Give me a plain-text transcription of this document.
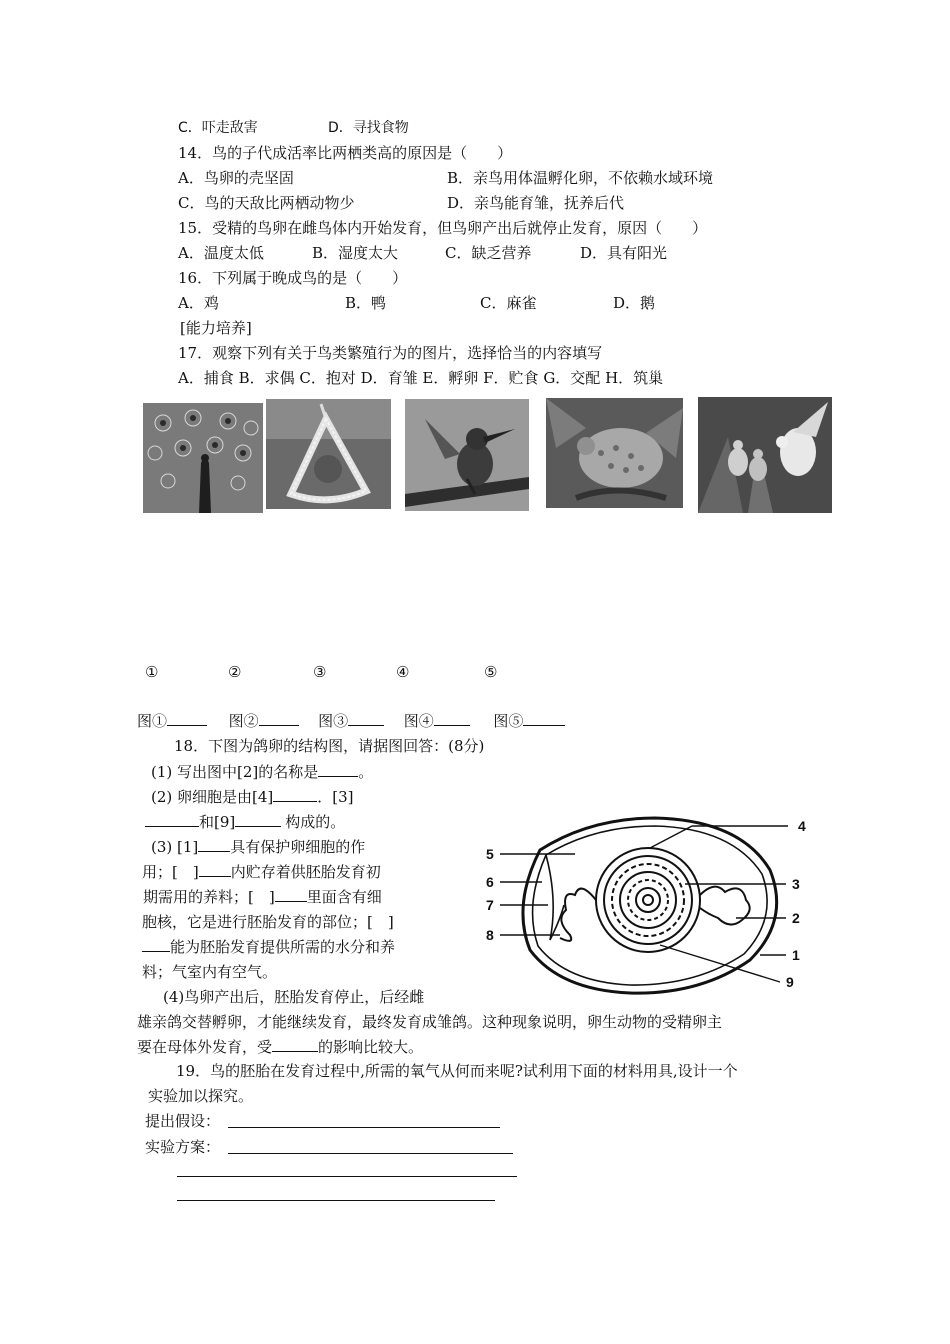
C．吓走敌害	D．寻找食物
14．鸟的子代成活率比两栖类高的原因是（　　）
A．鸟卵的壳坚固	B．亲鸟用体温孵化卵，不依赖水域环境
C．鸟的天敌比两栖动物少	D．亲鸟能育雏，抚养后代
15．受精的鸟卵在雌鸟体内开始发育，但鸟卵产出后就停止发育，原因（　　）
A．温度太低	B．湿度太大	C．缺乏营养	D．具有阳光
16．下列属于晚成鸟的是（　　）
A．鸡	B．鸭	C．麻雀	D．鹅
[能力培养]
17．观察下列有关于鸟类繁殖行为的图片，选择恰当的内容填写
A．捕食 B．求偶 C．抱对 D．育雏 E．孵卵 F．贮食 G．交配 H．筑巢
①	②	③	④	⑤
图①	图②	图③	图④	图⑤
18．下图为鸽卵的结构图，请据图回答：(8分)
(1) 写出图中[2]的名称是	。
(2) 卵细胞是由[4]	．[3]
和[9]	构成的。
(3) [1] 具有保护卵细胞的作
用；[　] 内贮存着供胚胎发育初
期需用的养料；[　] 里面含有细
胞核，它是进行胚胎发育的部位；[　]
能为胚胎发育提供所需的水分和养
料；气室内有空气。
(4)鸟卵产出后，胚胎发育停止，后经雌
雄亲鸽交替孵卵，才能继续发育，最终发育成雏鸽。这种现象说明，卵生动物的受精卵主
要在母体外发育，受	的影响比较大。
4
5
6	3
7
2
8
1
9
19．鸟的胚胎在发育过程中,所需的氧气从何而来呢?试利用下面的材料用具,设计一个
实验加以探究。
提出假设：
实验方案：
